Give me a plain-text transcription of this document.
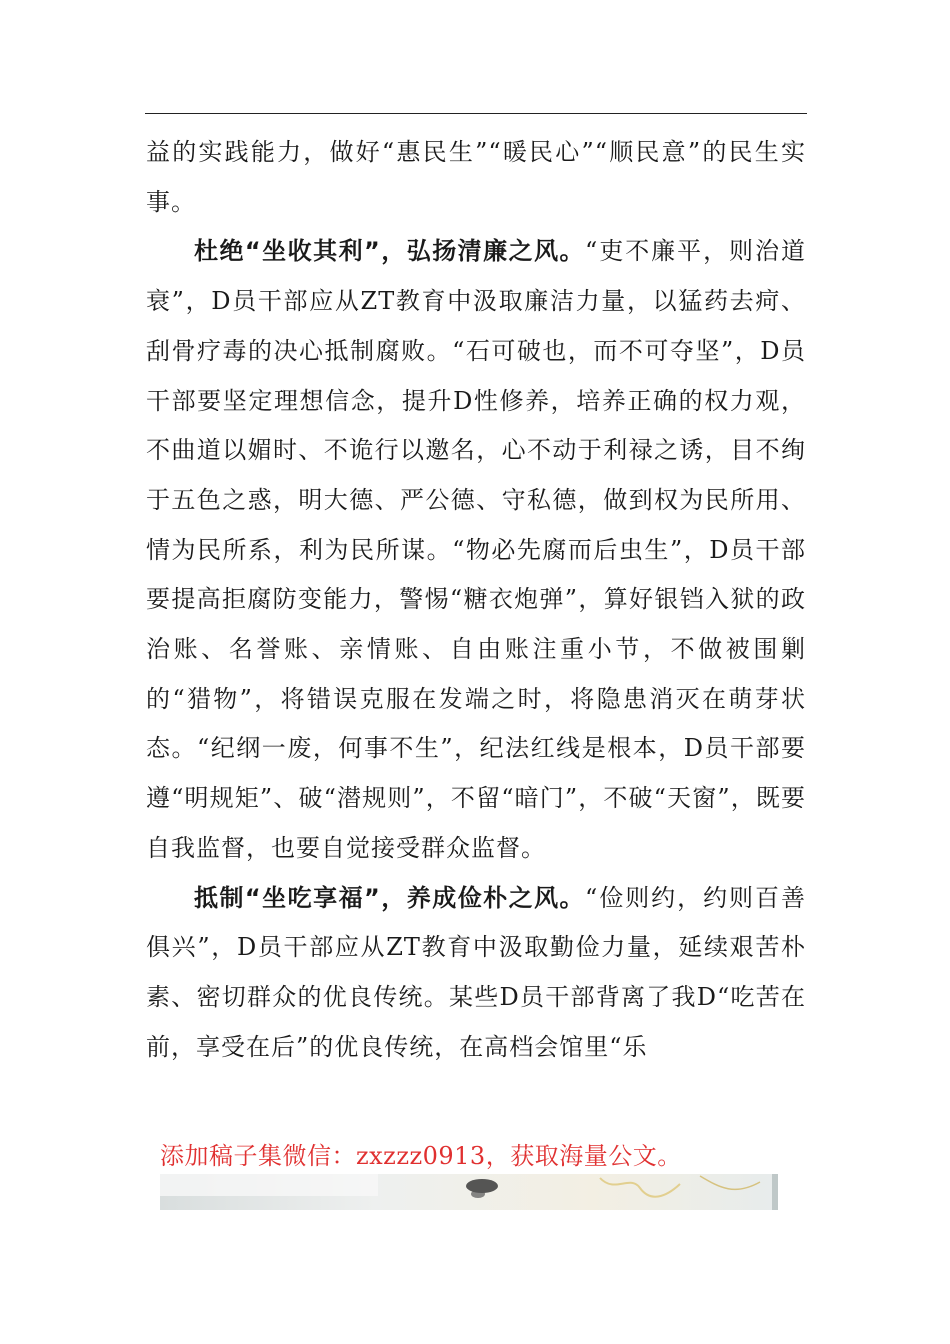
益的实践能力，做好“惠民生”“暖民心”“顺民意”的民生实事。

杜绝“坐收其利”，弘扬清廉之风。“吏不廉平，则治道衰”，D员干部应从ZT教育中汲取廉洁力量，以猛药去疴、刮骨疗毒的决心抵制腐败。“石可破也，而不可夺坚”，D员干部要坚定理想信念，提升D性修养，培养正确的权力观，不曲道以媚时、不诡行以邀名，心不动于利禄之诱，目不绚于五色之惑，明大德、严公德、守私德，做到权为民所用、情为民所系，利为民所谋。“物必先腐而后虫生”，D员干部要提高拒腐防变能力，警惕“糖衣炮弹”，算好银铛入狱的政治账、名誉账、亲情账、自由账注重小节，不做被围剿的“猎物”，将错误克服在发端之时，将隐患消灭在萌芽状态。“纪纲一废，何事不生”，纪法红线是根本，D员干部要遵“明规矩”、破“潜规则”，不留“暗门”，不破“天窗”，既要自我监督，也要自觉接受群众监督。

抵制“坐吃享福”，养成俭朴之风。“俭则约，约则百善俱兴”，D员干部应从ZT教育中汲取勤俭力量，延续艰苦朴素、密切群众的优良传统。某些D员干部背离了我D“吃苦在前，享受在后”的优良传统，在高档会馆里“乐

添加稿子集微信：zxzzz0913，获取海量公文。
